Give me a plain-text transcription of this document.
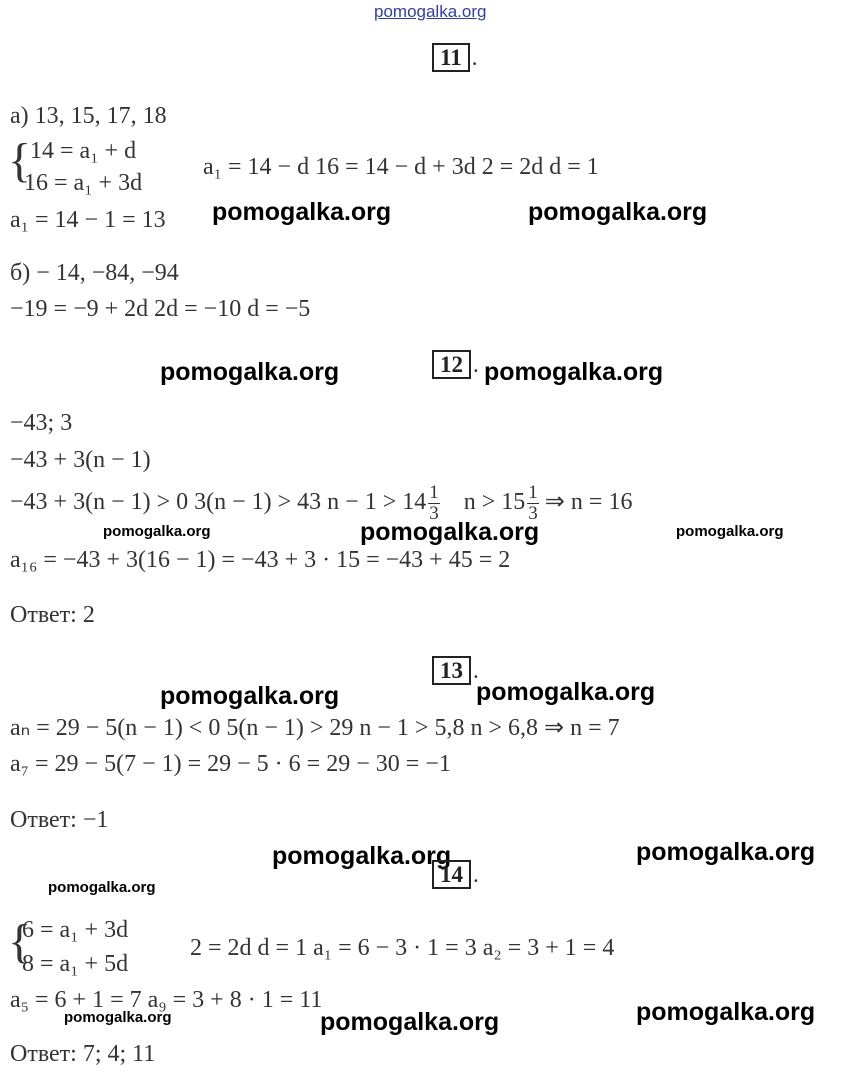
pomogalka.org
11 .
а) 13, 15, 17, 18
{
14 = a₁ + d
16 = a₁ + 3d
a₁ = 14 − d 16 = 14 − d + 3d 2 = 2d d = 1
a₁ = 14 − 1 = 13 pomogalka.org	pomogalka.org
б) − 14, −84, −94
−19 = −9 + 2d 2d = −10 d = −5
pomogalka.org	12 . pomogalka.org
−43; 3
−43 + 3(n − 1)
−43 + 3(n − 1) > 0 3(n − 1) > 43 $n - 1 > 14 \frac{1}{3}$ $n > 15 \frac{1}{3}$ ⇒ n = 16
pomogalka.org	pomogalka.org	pomogalka.org
a₁₆ = −43 + 3(16 − 1) = −43 + 3 · 15 = −43 + 45 = 2
Ответ: 2
13 .
pomogalka.org	pomogalka.org
aₙ = 29 − 5(n − 1) < 0 5(n − 1) > 29 n − 1 > 5,8 n > 6,8 ⇒ n = 7
a₇ = 29 − 5(7 − 1) = 29 − 5 · 6 = 29 − 30 = −1
Ответ: −1
pomogalka.org	pomogalka.org
14 .
pomogalka.org
{
6 = a₁ + 3d
8 = a₁ + 5d
2 = 2d d = 1 a₁ = 6 − 3 · 1 = 3 a₂ = 3 + 1 = 4
a₅ = 6 + 1 = 7 a₉ = 3 + 8 · 1 = 11
pomogalka.org	pomogalka.org	pomogalka.org
Ответ: 7; 4; 11
